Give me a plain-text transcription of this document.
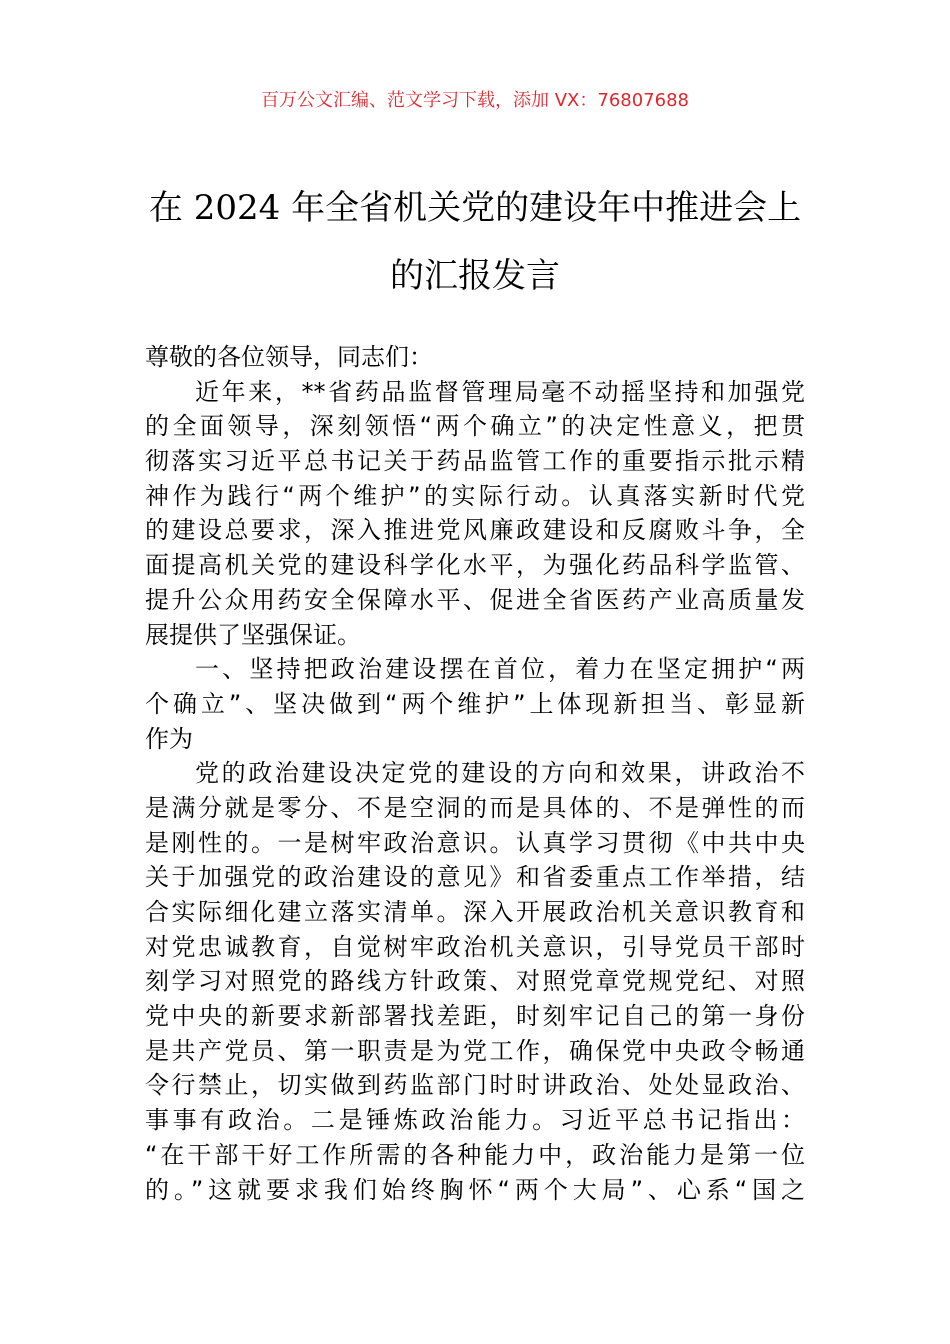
百万公文汇编、范文学习下载，添加 VX：76807688
在 2024 年全省机关党的建设年中推进会上
的汇报发言
尊敬的各位领导，同志们：
近年来，**省药品监督管理局毫不动摇坚持和加强党
的全面领导，深刻领悟“两个确立”的决定性意义，把贯
彻落实习近平总书记关于药品监管工作的重要指示批示精
神作为践行“两个维护”的实际行动。认真落实新时代党
的建设总要求，深入推进党风廉政建设和反腐败斗争，全
面提高机关党的建设科学化水平，为强化药品科学监管、
提升公众用药安全保障水平、促进全省医药产业高质量发
展提供了坚强保证。
一、坚持把政治建设摆在首位，着力在坚定拥护“两
个确立”、坚决做到“两个维护”上体现新担当、彰显新
作为
党的政治建设决定党的建设的方向和效果，讲政治不
是满分就是零分、不是空洞的而是具体的、不是弹性的而
是刚性的。一是树牢政治意识。认真学习贯彻《中共中央
关于加强党的政治建设的意见》和省委重点工作举措，结
合实际细化建立落实清单。深入开展政治机关意识教育和
对党忠诚教育，自觉树牢政治机关意识，引导党员干部时
刻学习对照党的路线方针政策、对照党章党规党纪、对照
党中央的新要求新部署找差距，时刻牢记自己的第一身份
是共产党员、第一职责是为党工作，确保党中央政令畅通
令行禁止，切实做到药监部门时时讲政治、处处显政治、
事事有政治。二是锤炼政治能力。习近平总书记指出：
“在干部干好工作所需的各种能力中，政治能力是第一位
的。”这就要求我们始终胸怀“两个大局”、心系“国之
